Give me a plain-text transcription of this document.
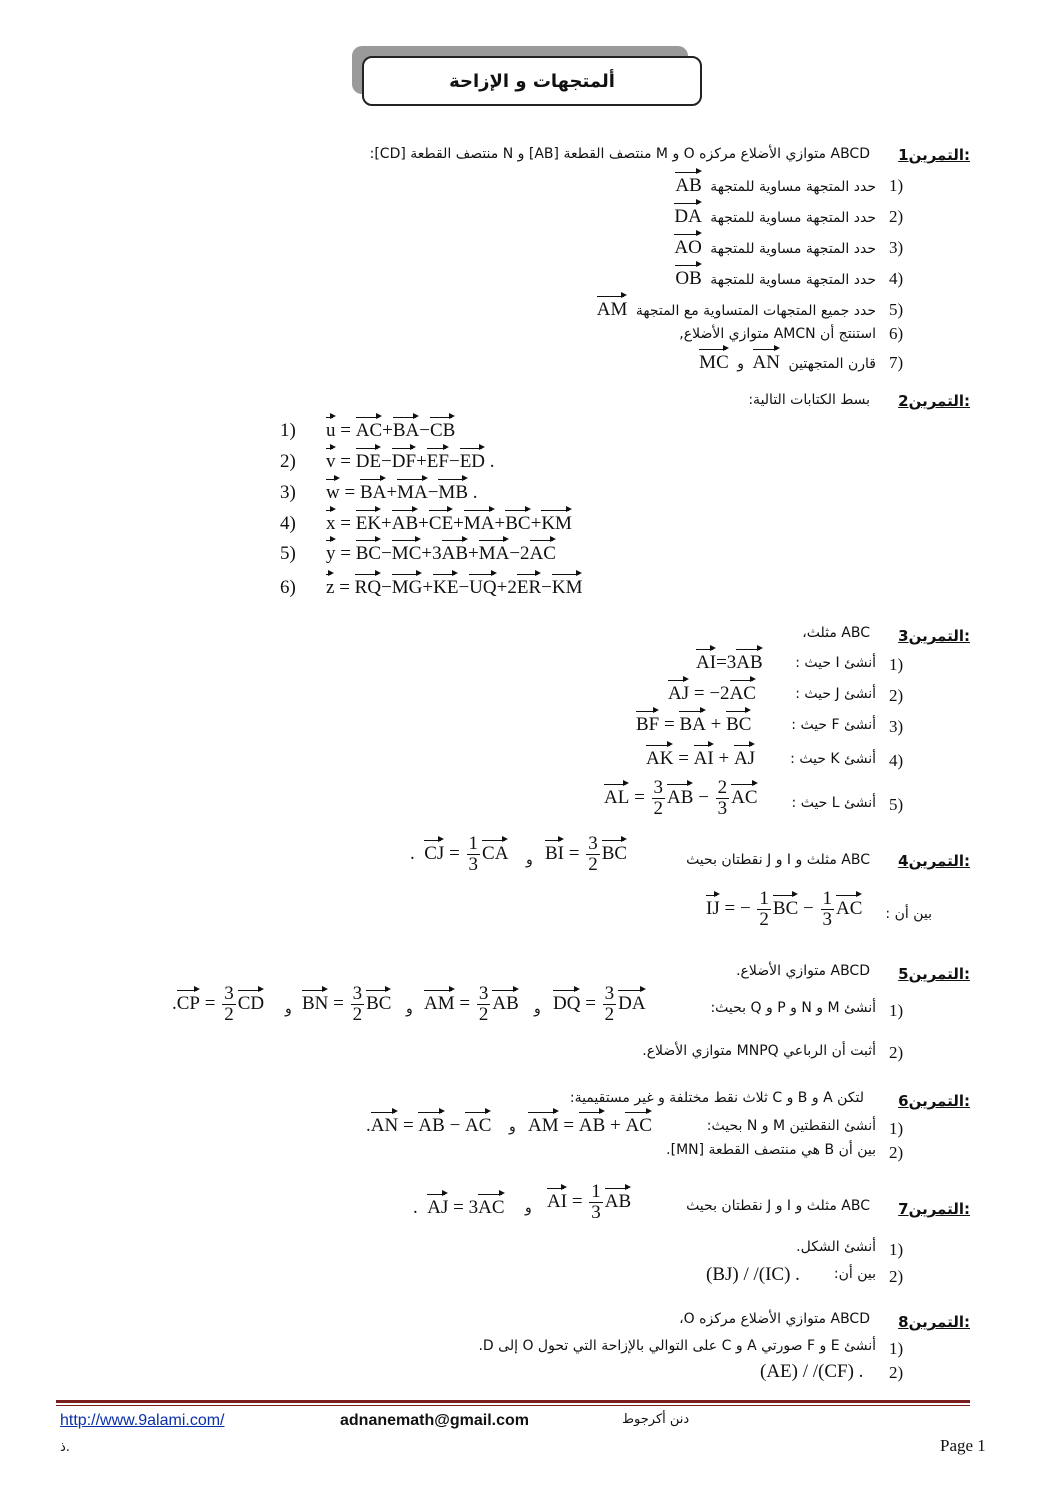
ألمتجهات و الإزاحة
التمرين1:
ABCD متوازي الأضلاع مركزه O و M منتصف القطعة [AB] و N منتصف القطعة [CD]:
1)
حدد المتجهة مساوية للمتجهة  AB
2)
حدد المتجهة مساوية للمتجهة  DA
3)
حدد المتجهة مساوية للمتجهة  AO
4)
حدد المتجهة مساوية للمتجهة  OB
5)
حدد جميع المتجهات المتساوية مع المتجهة  AM
6)
استنتج أن AMCN متوازي الأضلاع,
7)
قارن المتجهتين  AN  و  MC
التمرين2:
بسط الكتابات التالية:
1) u = AC+BA−CB
2) v = DE−DF+EF−ED .
3) w = BA+MA−MB .
4) x = EK+AB+CE+MA+BC+KM
5) y = BC−MC+3AB+MA−2AC
6) z = RQ−MG+KE−UQ+2ER−KM
التمرين3:
ABC مثلث،
1)
أنشئ I حيث :
AI=3AB
2)
أنشئ J حيث :
AJ = −2AC
3)
أنشئ F حيث :
BF = BA + BC
4)
أنشئ K حيث :
AK = AI + AJ
5)
أنشئ L حيث :
AL = $\frac{3}{2}$ AB − $\frac{2}{3}$ AC
التمرين4:
ABC مثلث و I و J نقطتان بحيث
BI = $\frac{3}{2}$ BC
و
.  CJ = $\frac{1}{3}$ CA
بين أن :
IJ = − $\frac{1}{2}$ BC − $\frac{1}{3}$ AC
التمرين5:
ABCD متوازي الأضلاع.
1)
أنشئ M و N و P و Q بحيث:
DQ = $\frac{3}{2}$ DA
و
AM = $\frac{3}{2}$ AB
و
BN = $\frac{3}{2}$ BC
و
$.CP = \frac{3}{2}$ CD
2)
أثبت أن الرباعي MNPQ متوازي الأضلاع.
التمرين6:
لتكن A و B و C ثلاث نقط مختلفة و غير مستقيمية:
1)
أنشئ النقطتين M و N بحيث:
AM = AB + AC
و
.AN = AB − AC
2)
بين أن B هي منتصف القطعة [MN].
التمرين7:
ABC مثلث و I و J نقطتان بحيث
AI = $\frac{1}{3}$ AB
و
.  AJ = 3AC
1)
أنشئ الشكل.
2)
بين أن:
(BJ) / /(IC) .
التمرين8:
ABCD متوازي الأضلاع مركزه O،
1)
أنشئ E و F صورتي A و C على التوالي بالإزاحة التي تحول O إلى D.
2)
(AE) / /(CF) .
http://www.9alami.com/	adnanemath@gmail.com	دنن أكرجوط
ذ.	Page 1
